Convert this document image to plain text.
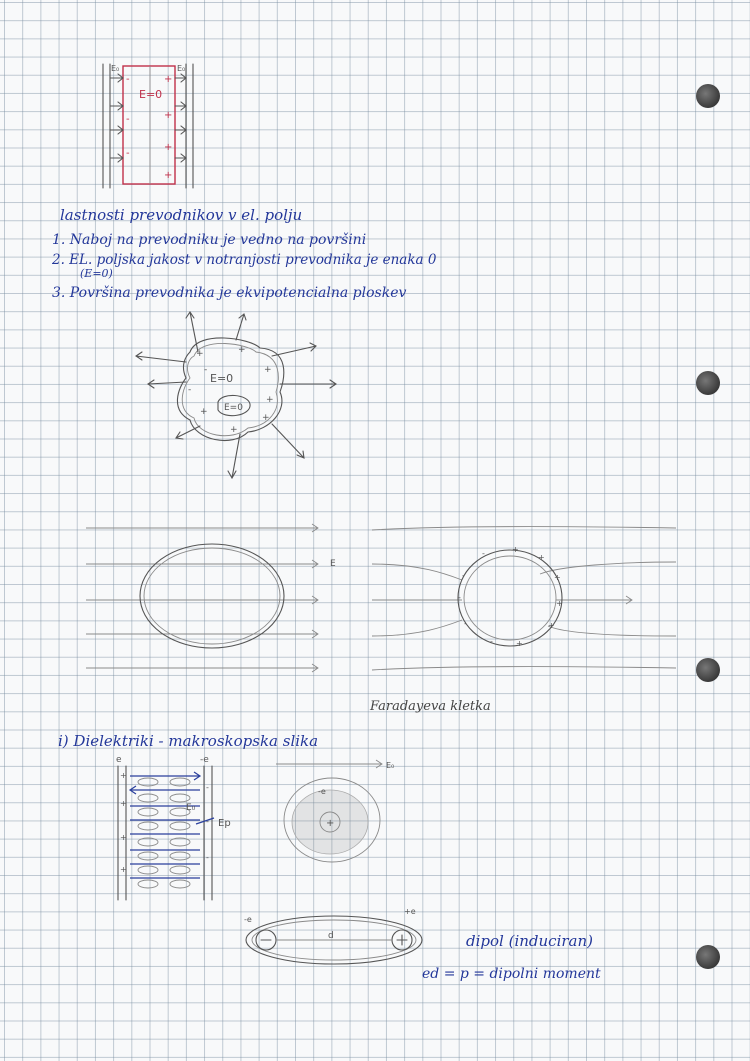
-
-
-
+
+
+
+
E=0
E₀	E₀
lastnosti prevodnikov v el. polju
1. Naboj na prevodniku je vedno na površini
2. EL. poljska jakost v notranjosti prevodnika je enaka 0
(E=0)
3. Površina prevodnika je ekvipotencialna ploskev
+	+
+
-
-
+
+
+
+
E=0
E=0
E
-	+
+
+
+
+
+
-
-
-
-
Faradayeva kletka
i) Dielektriki - makroskopska slika
e	-e
+
+
+
+
-
-
-
E₀
Ep
E₀
+
-e
-e
+e
d	dipol (induciran)
ed = p = dipolni moment
